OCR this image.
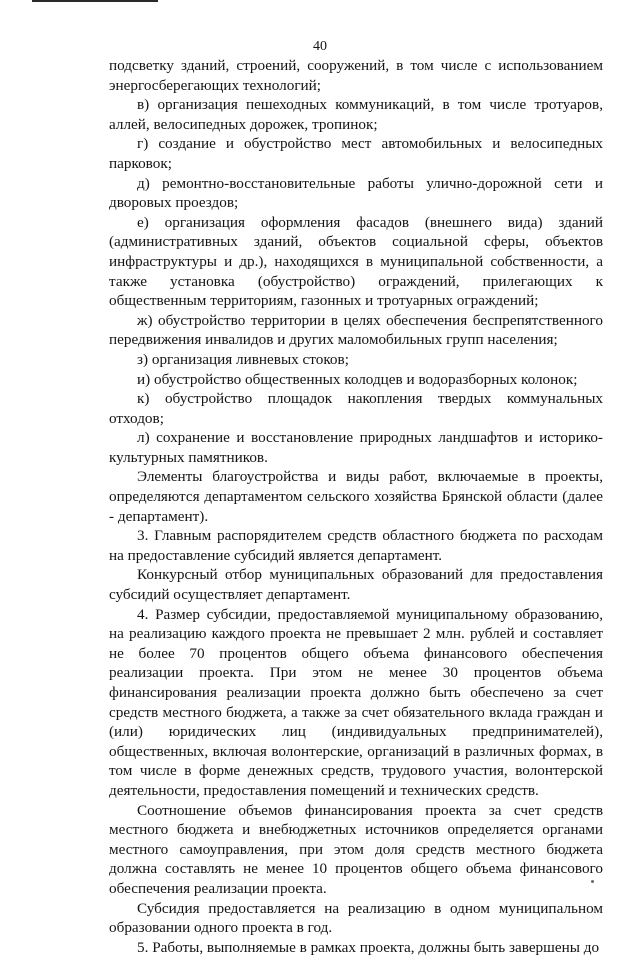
40

подсветку зданий, строений, сооружений, в том числе с использованием энергосберегающих технологий;

в) организация пешеходных коммуникаций, в том числе тротуаров, аллей, велосипедных дорожек, тропинок;

г) создание и обустройство мест автомобильных и велосипедных парковок;

д) ремонтно-восстановительные работы улично-дорожной сети и дворовых проездов;

е) организация оформления фасадов (внешнего вида) зданий (административных зданий, объектов социальной сферы, объектов инфраструктуры и др.), находящихся в муниципальной собственности, а также установка (обустройство) ограждений, прилегающих к общественным территориям, газонных и тротуарных ограждений;

ж) обустройство территории в целях обеспечения беспрепятственного передвижения инвалидов и других маломобильных групп населения;

з) организация ливневых стоков;

и) обустройство общественных колодцев и водоразборных колонок;

к) обустройство площадок накопления твердых коммунальных отходов;

л) сохранение и восстановление природных ландшафтов и историко-культурных памятников.

Элементы благоустройства и виды работ, включаемые в проекты, определяются департаментом сельского хозяйства Брянской области (далее - департамент).

3. Главным распорядителем средств областного бюджета по расходам на предоставление субсидий является департамент.

Конкурсный отбор муниципальных образований для предоставления субсидий осуществляет департамент.

4. Размер субсидии, предоставляемой муниципальному образованию, на реализацию каждого проекта не превышает 2 млн. рублей и составляет не более 70 процентов общего объема финансового обеспечения реализации проекта. При этом не менее 30 процентов объема финансирования реализации проекта должно быть обеспечено за счет средств местного бюджета, а также за счет обязательного вклада граждан и (или) юридических лиц (индивидуальных предпринимателей), общественных, включая волонтерские, организаций в различных формах, в том числе в форме денежных средств, трудового участия, волонтерской деятельности, предоставления помещений и технических средств.

Соотношение объемов финансирования проекта за счет средств местного бюджета и внебюджетных источников определяется органами местного самоуправления, при этом доля средств местного бюджета должна составлять не менее 10 процентов общего объема финансового обеспечения реализации проекта.

Субсидия предоставляется на реализацию в одном муниципальном образовании одного проекта в год.

5. Работы, выполняемые в рамках проекта, должны быть завершены до
